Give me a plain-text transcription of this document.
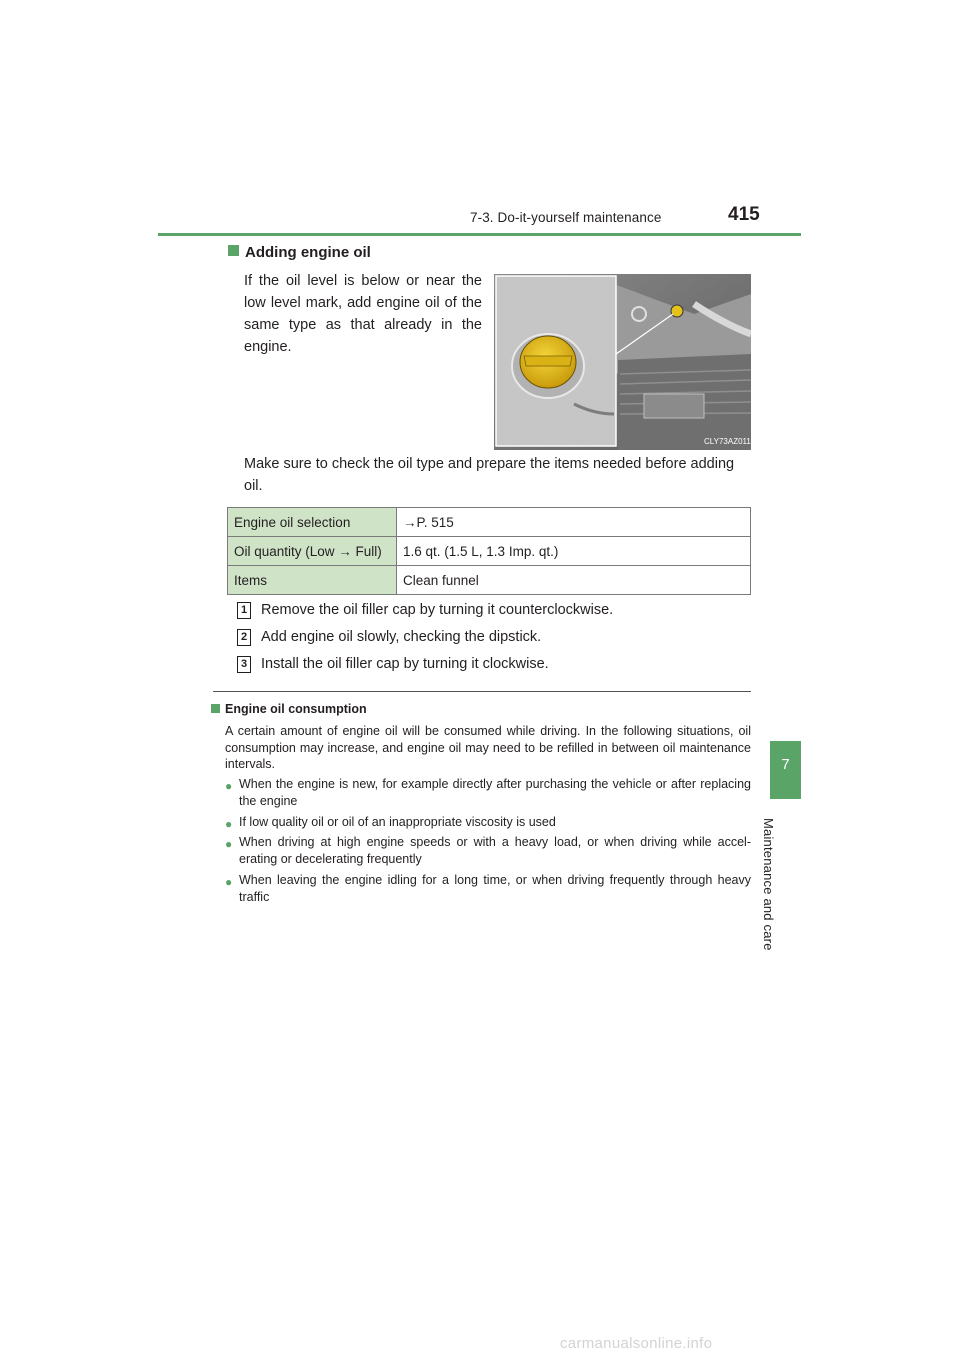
7-3. Do-it-yourself maintenance	415
7
Maintenance and care
Adding engine oil
If the oil level is below or near the
low level mark, add engine oil of the
same type as that already in the
engine.
CLY73AZ011
Make sure to check the oil type and prepare the items needed before adding oil.
Engine oil selection	→P. 515
Oil quantity (Low → Full)	1.6 qt. (1.5 L, 1.3 Imp. qt.)
Items	Clean funnel
1 Remove the oil filler cap by turning it counterclockwise.
2 Add engine oil slowly, checking the dipstick.
3 Install the oil filler cap by turning it clockwise.
Engine oil consumption
A certain amount of engine oil will be consumed while driving. In the following situations, oil consumption may increase, and engine oil may need to be refilled in between oil maintenance intervals.
● When the engine is new, for example directly after purchasing the vehicle or after replacing the engine
● If low quality oil or oil of an inappropriate viscosity is used
● When driving at high engine speeds or with a heavy load, or when driving while accel-erating or decelerating frequently
● When leaving the engine idling for a long time, or when driving frequently through heavy traffic
carmanualsonline.info
